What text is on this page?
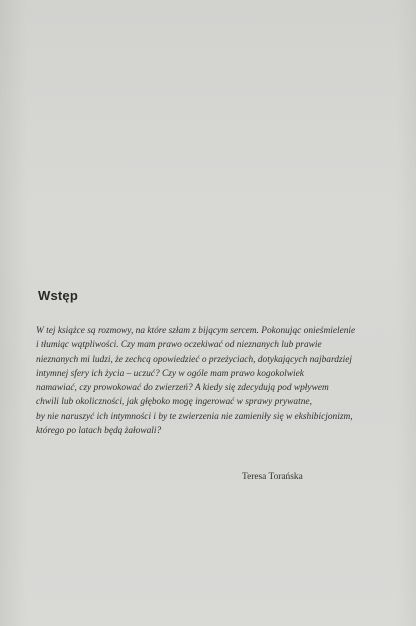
Wstęp
W tej książce są rozmowy, na które szłam z bijącym sercem. Pokonując onieśmielenie
i tłumiąc wątpliwości. Czy mam prawo oczekiwać od nieznanych lub prawie
nieznanych mi ludzi, że zechcą opowiedzieć o przeżyciach, dotykających najbardziej
intymnej sfery ich życia – uczuć? Czy w ogóle mam prawo kogokolwiek
namawiać, czy prowokować do zwierzeń? A kiedy się zdecydują pod wpływem
chwili lub okoliczności, jak głęboko mogę ingerować w sprawy prywatne,
by nie naruszyć ich intymności i by te zwierzenia nie zamieniły się w ekshibicjonizm,
którego po latach będą żałowali?
Teresa Torańska
